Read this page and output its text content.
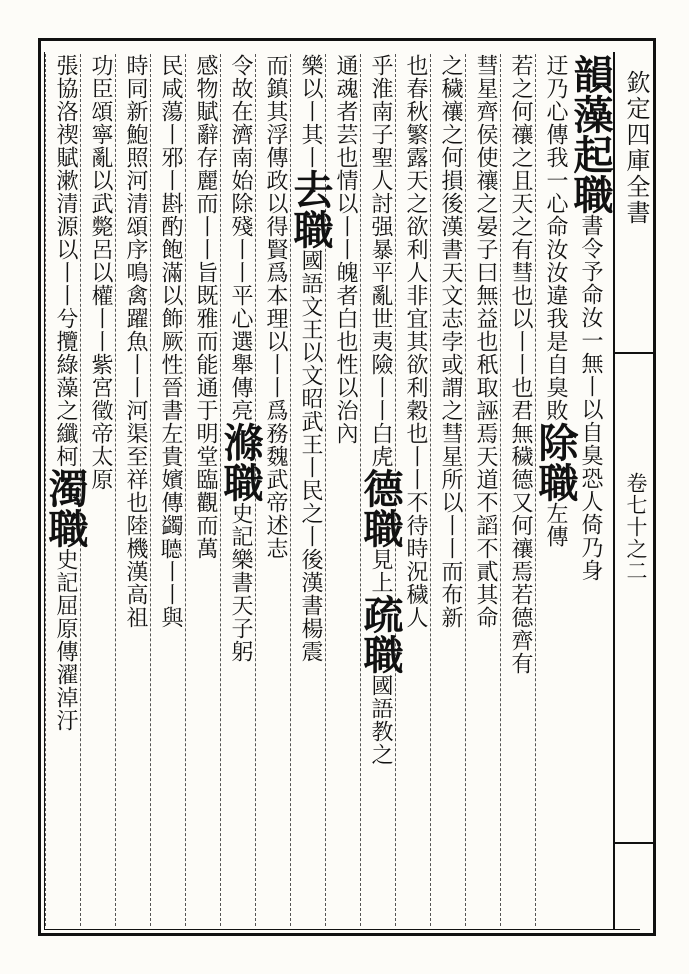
欽定四庫全書
卷七十之二
韻藻起職書令予命汝一無丨以自臭恐人倚乃身
迂乃心傳我一心命汝汝違我是自臭敗除職左傳
若之何禳之且天之有彗也以丨丨也君無穢德又何禳焉若德齊有
彗星齊侯使禳之晏子曰無益也秖取誣焉天道不謟不貳其命
之穢禳之何損後漢書天文志孛或謂之彗星所以丨丨而布新
也春秋繁露天之欲利人非宜其欲利穀也丨丨不待時況穢人
乎淮南子聖人討强暴平亂世夷險丨丨白虎德職見上疏職國語教之
通魂者芸也情以丨丨魄者白也性以治內
樂以丨其丨去職國語文王以文昭武王丨民之丨後漢書楊震
而鎮其浮傳政以得賢爲本理以丨丨爲務魏武帝述志
令故在濟南始除殘丨丨平心選舉傳亮滌職史記樂書天子躬
感物賦辭存麗而丨丨旨既雅而能通于明堂臨觀而萬
民咸蕩丨邪丨斟酌飽滿以飾厥性晉書左貴嬪傳蠲𦗟丨丨與
時同新鮑照河清頌序鳴禽躍魚丨丨河渠至祥也陸機漢高祖
功臣頌寧亂以武斃呂以權丨丨紫宮徵帝太原
張協洛禊賦漱清源以丨丨兮攬綠藻之纖柯濁職史記屈原傳濯淖汙
